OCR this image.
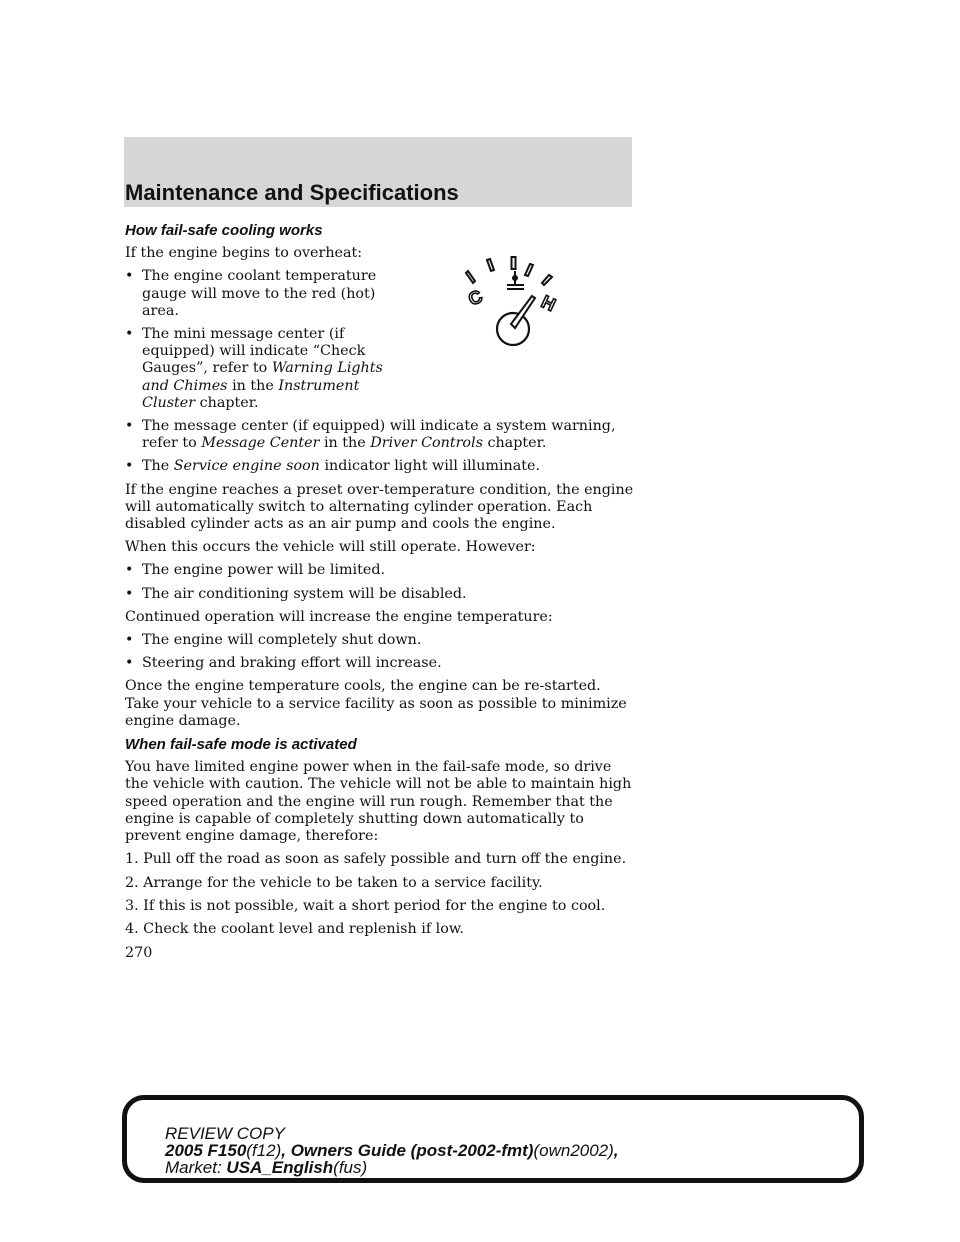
Maintenance and Specifications
C	H
How fail-safe cooling works

If the engine begins to overheat:

• The engine coolant temperature gauge will move to the red (hot) area.
• The mini message center (if equipped) will indicate “Check Gauges”, refer to Warning Lights and Chimes in the Instrument Cluster chapter.
• The message center (if equipped) will indicate a system warning, refer to Message Center in the Driver Controls chapter.
• The Service engine soon indicator light will illuminate.

If the engine reaches a preset over-temperature condition, the engine will automatically switch to alternating cylinder operation. Each disabled cylinder acts as an air pump and cools the engine.

When this occurs the vehicle will still operate. However:

• The engine power will be limited.
• The air conditioning system will be disabled.

Continued operation will increase the engine temperature:

• The engine will completely shut down.
• Steering and braking effort will increase.

Once the engine temperature cools, the engine can be re-started. Take your vehicle to a service facility as soon as possible to minimize engine damage.

When fail-safe mode is activated

You have limited engine power when in the fail-safe mode, so drive the vehicle with caution. The vehicle will not be able to maintain high speed operation and the engine will run rough. Remember that the engine is capable of completely shutting down automatically to prevent engine damage, therefore:

1. Pull off the road as soon as safely possible and turn off the engine.
2. Arrange for the vehicle to be taken to a service facility.
3. If this is not possible, wait a short period for the engine to cool.
4. Check the coolant level and replenish if low.
270
REVIEW COPY
2005 F150(f12), Owners Guide (post-2002-fmt)(own2002),
Market: USA_English(fus)
